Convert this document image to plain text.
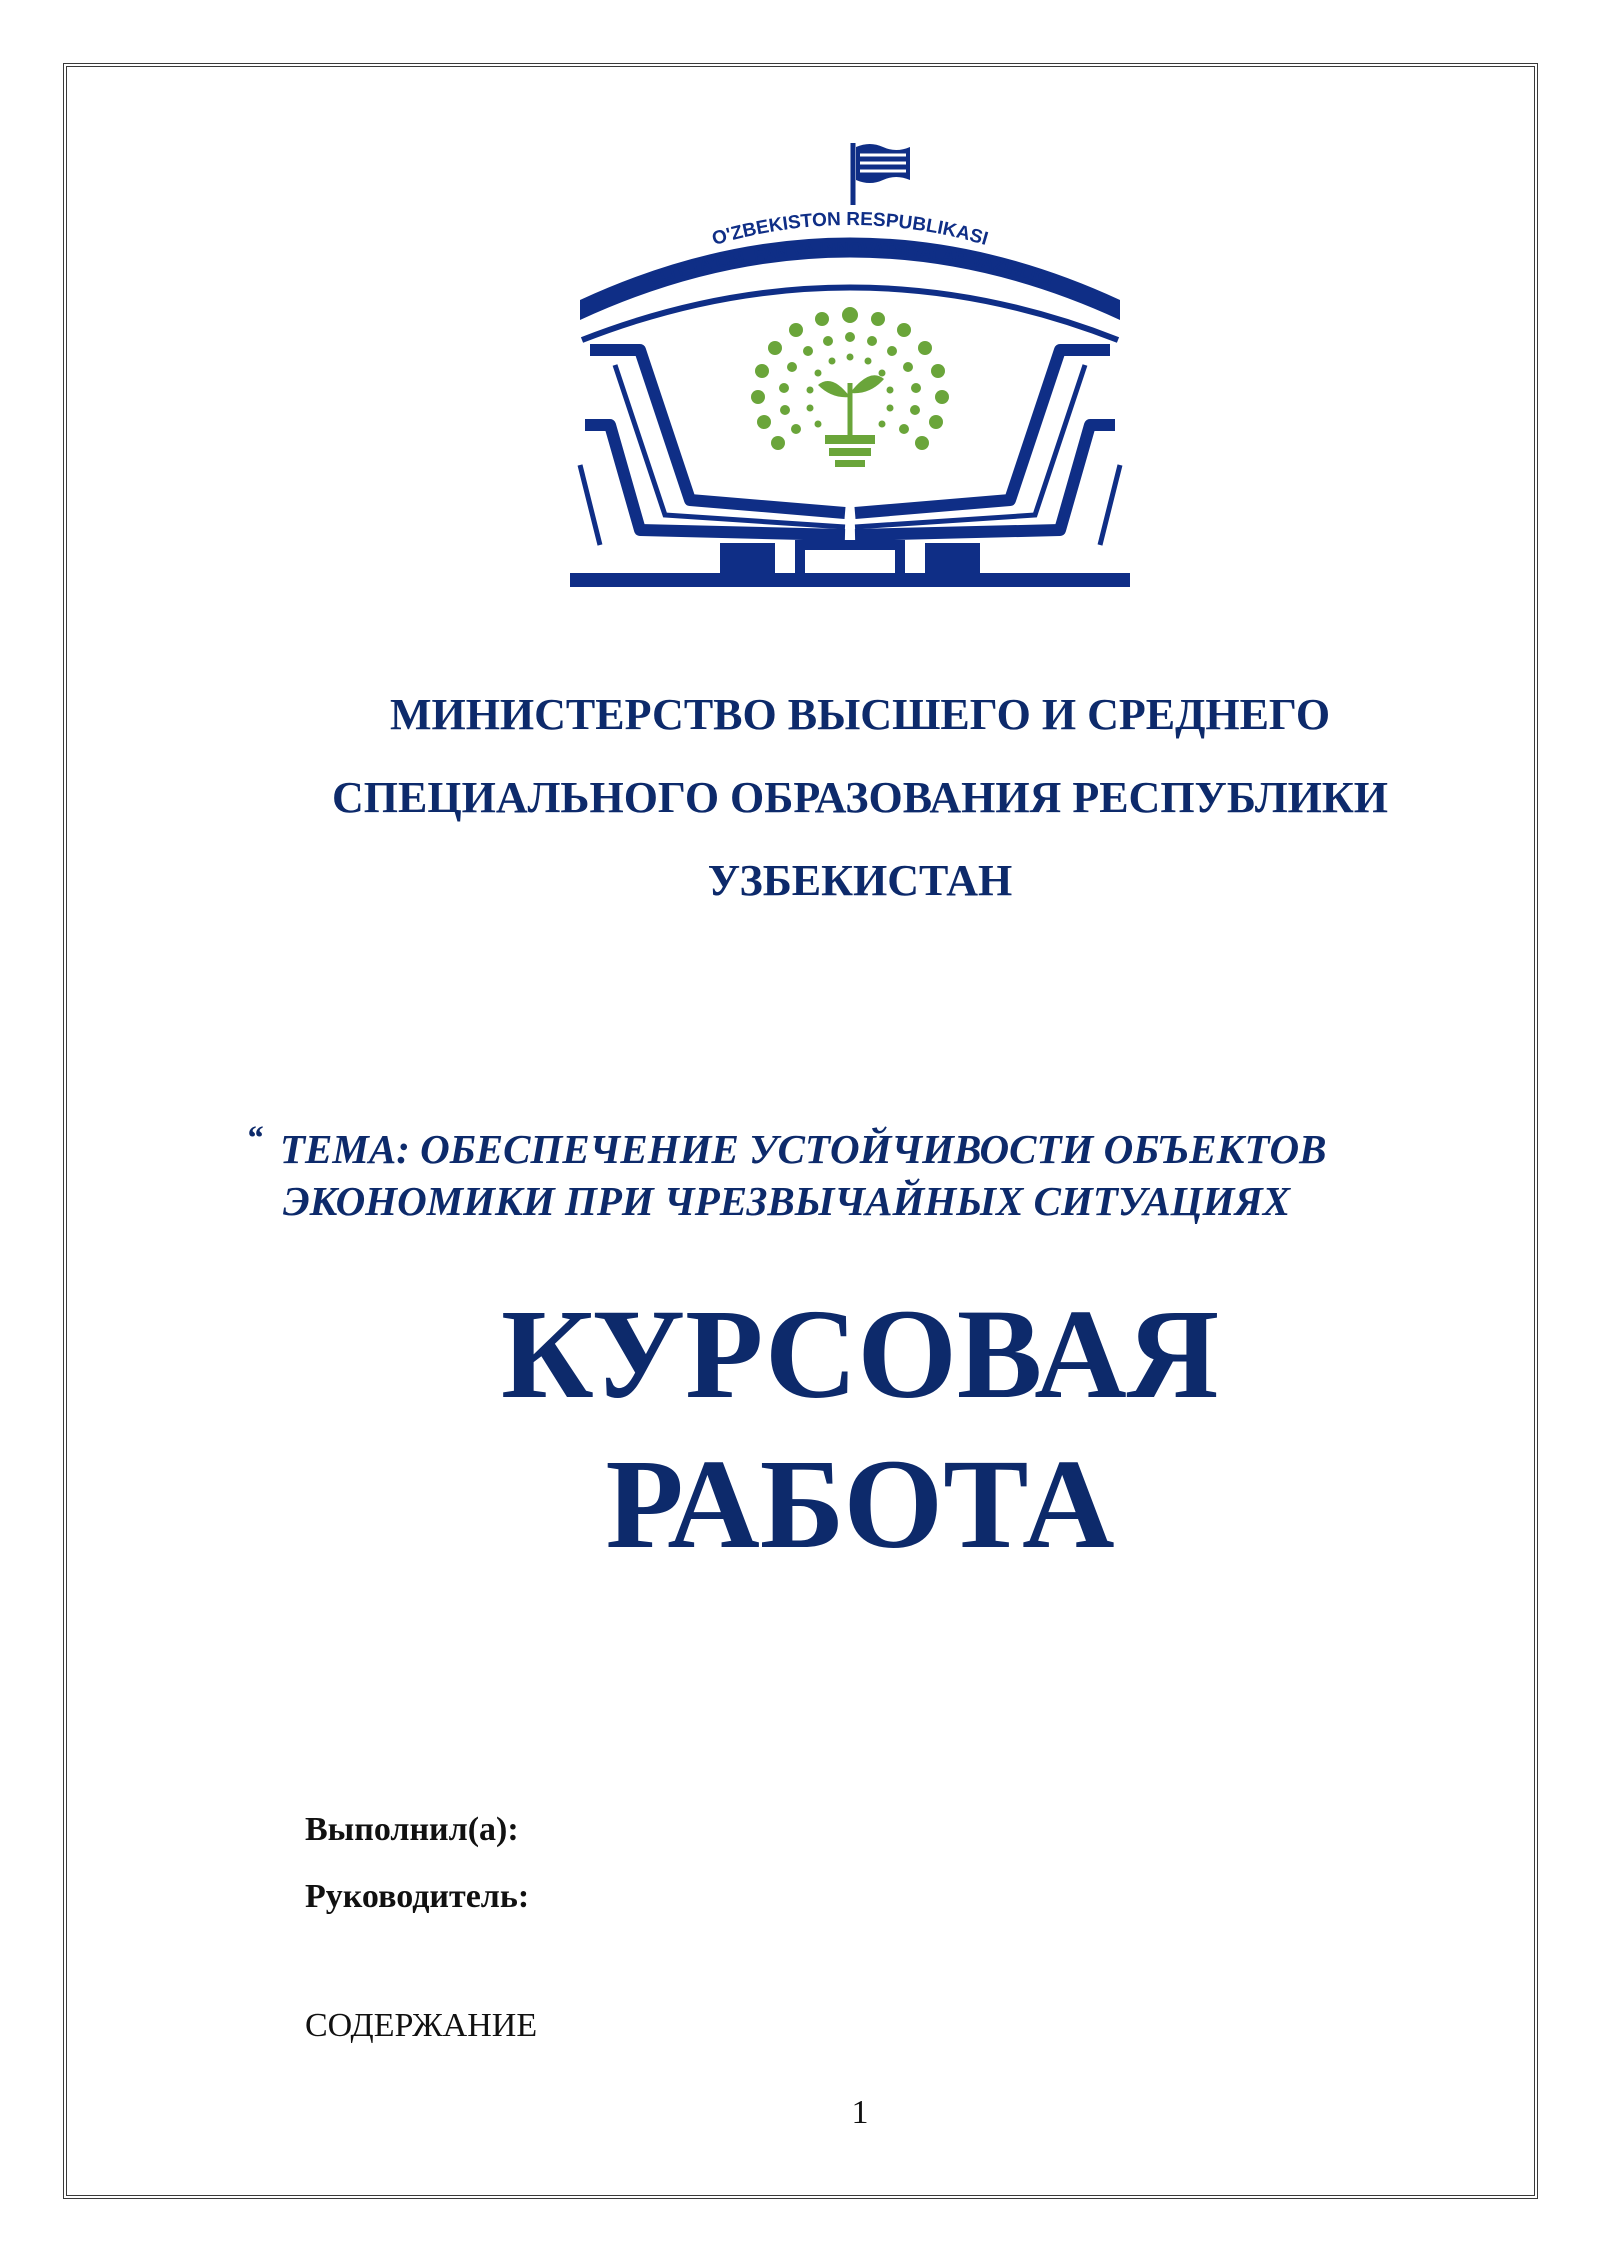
O'ZBEKISTON RESPUBLIKASI
OLIY TA'LIM, FAN VA INNOVATSIYALAR VAZIRLIGI
МИНИСТЕРСТВО ВЫСШЕГО И СРЕДНЕГО
СПЕЦИАЛЬНОГО ОБРАЗОВАНИЯ РЕСПУБЛИКИ
УЗБЕКИСТАН
“ ТЕМА: ОБЕСПЕЧЕНИЕ УСТОЙЧИВОСТИ ОБЪЕКТОВ
ЭКОНОМИКИ ПРИ ЧРЕЗВЫЧАЙНЫХ СИТУАЦИЯХ
КУРСОВАЯ
РАБОТА
Выполнил(а):
Руководитель:
СОДЕРЖАНИЕ
1
